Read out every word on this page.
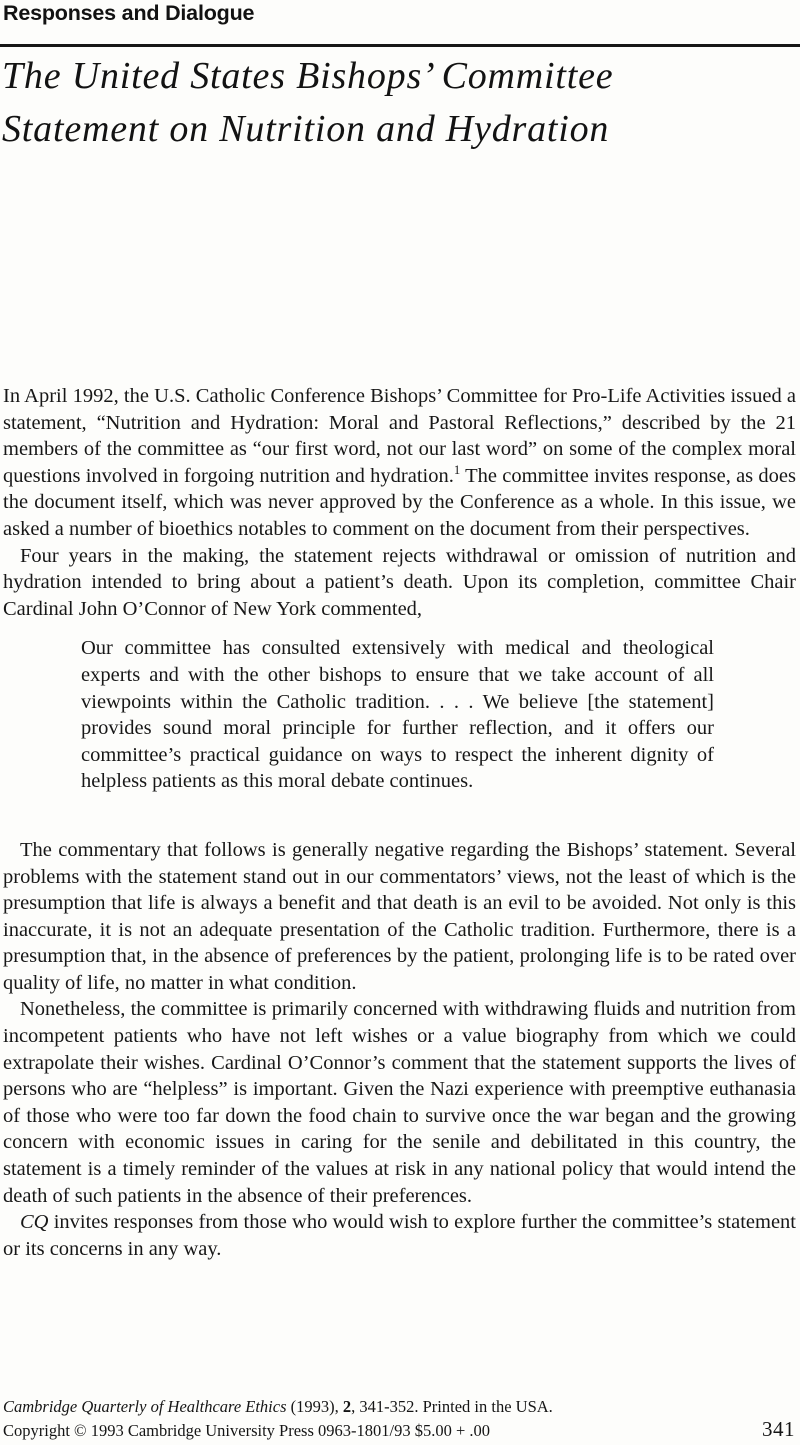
Responses and Dialogue
The United States Bishops’ Committee Statement on Nutrition and Hydration

In April 1992, the U.S. Catholic Conference Bishops’ Committee for Pro-Life Activities issued a statement, “Nutrition and Hydration: Moral and Pastoral Reflections,” described by the 21 members of the committee as “our first word, not our last word” on some of the complex moral questions involved in forgoing nutrition and hydration.$^1$ The committee invites response, as does the document itself, which was never approved by the Conference as a whole. In this issue, we asked a number of bioethics notables to comment on the document from their perspectives.

Four years in the making, the statement rejects withdrawal or omission of nutrition and hydration intended to bring about a patient’s death. Upon its completion, committee Chair Cardinal John O’Connor of New York commented,

Our committee has consulted extensively with medical and theological experts and with the other bishops to ensure that we take account of all viewpoints within the Catholic tradition. . . . We believe [the statement] provides sound moral principle for further reflection, and it offers our committee’s practical guidance on ways to respect the inherent dignity of helpless patients as this moral debate continues.

The commentary that follows is generally negative regarding the Bishops’ statement. Several problems with the statement stand out in our commentators’ views, not the least of which is the presumption that life is always a benefit and that death is an evil to be avoided. Not only is this inaccurate, it is not an adequate presentation of the Catholic tradition. Furthermore, there is a presumption that, in the absence of preferences by the patient, prolonging life is to be rated over quality of life, no matter in what condition.

Nonetheless, the committee is primarily concerned with withdrawing fluids and nutrition from incompetent patients who have not left wishes or a value biography from which we could extrapolate their wishes. Cardinal O’Connor’s comment that the statement supports the lives of persons who are “helpless” is important. Given the Nazi experience with preemptive euthanasia of those who were too far down the food chain to survive once the war began and the growing concern with economic issues in caring for the senile and debilitated in this country, the statement is a timely reminder of the values at risk in any national policy that would intend the death of such patients in the absence of their preferences.

CQ invites responses from those who would wish to explore further the committee’s statement or its concerns in any way.

Cambridge Quarterly of Healthcare Ethics (1993), 2, 341-352. Printed in the USA.
Copyright © 1993 Cambridge University Press 0963-1801/93 $5.00 + .00	341
